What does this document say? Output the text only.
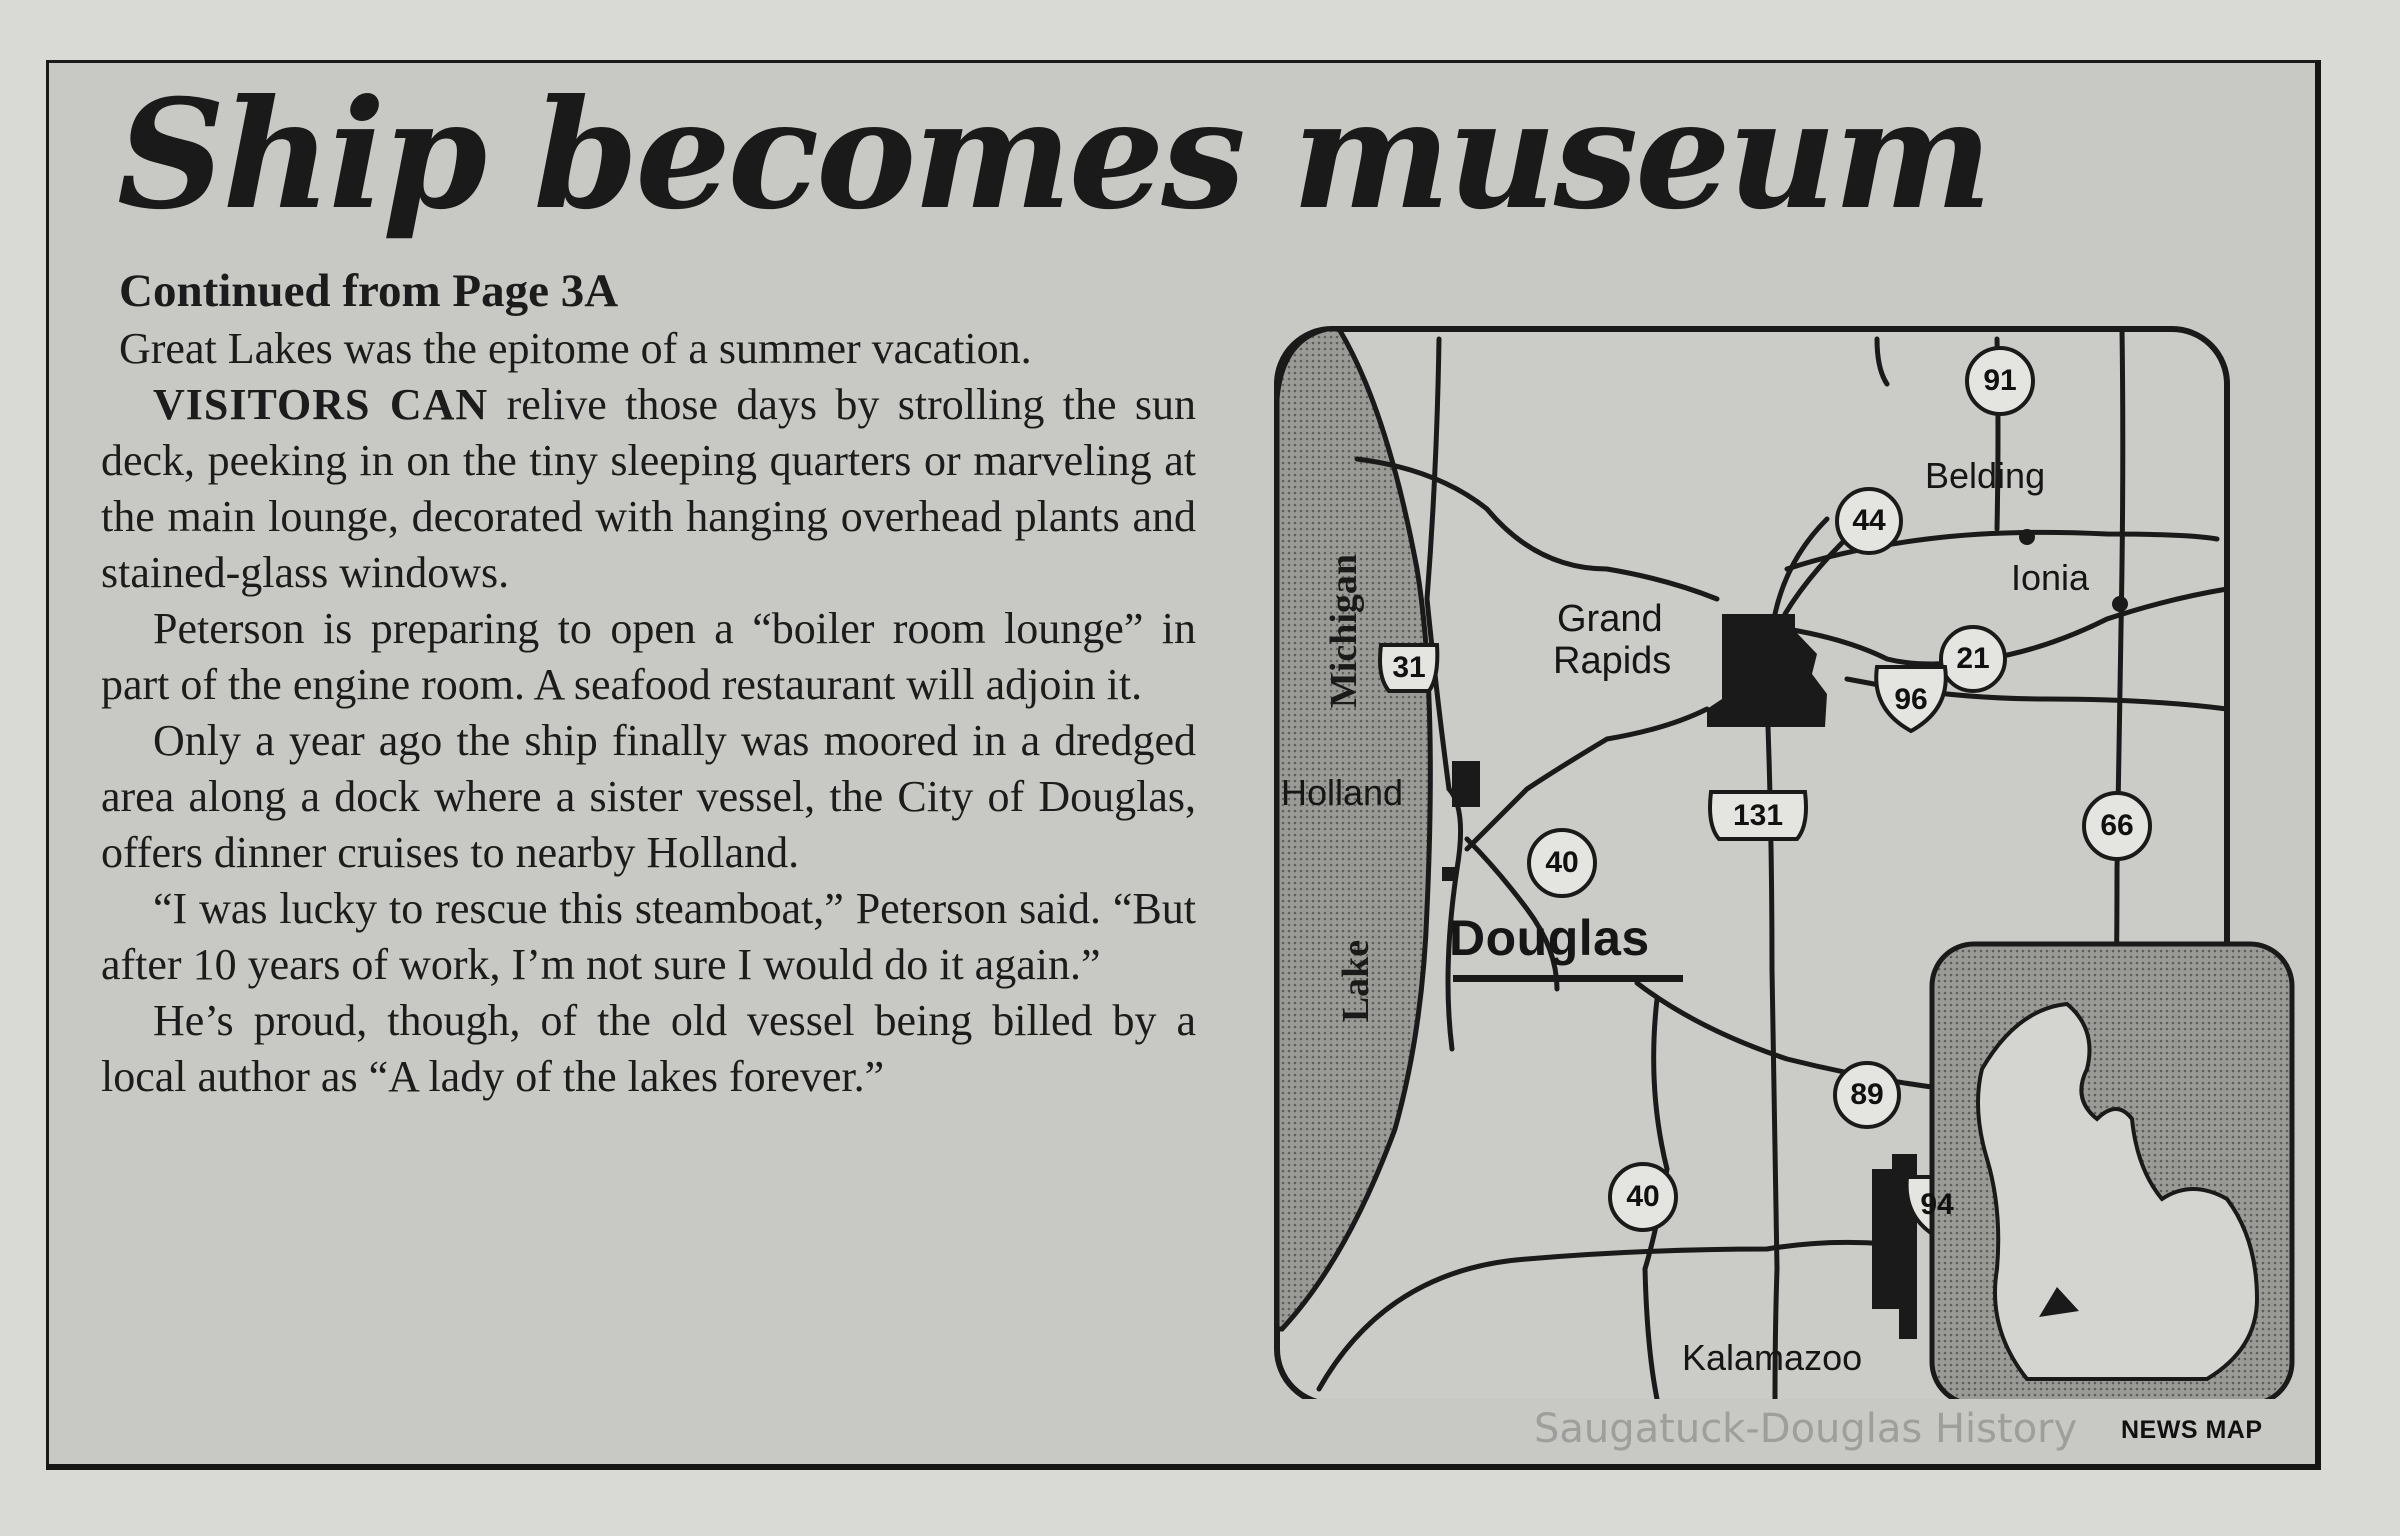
Ship becomes museum

Continued from Page 3A

Great Lakes was the epitome of a summer vacation.

VISITORS CAN relive those days by strolling the sun deck, peeking in on the tiny sleeping quarters or marveling at the main lounge, decorated with hanging overhead plants and stained-glass windows.

Peterson is preparing to open a “boiler room lounge” in part of the engine room. A seafood restaurant will adjoin it.

Only a year ago the ship finally was moored in a dredged area along a dock where a sister vessel, the City of Douglas, offers dinner cruises to nearby Holland.

“I was lucky to rescue this steamboat,” Peterson said. “But after 10 years of work, I’m not sure I would do it again.”

He’s proud, though, of the old vessel being billed by a local author as “A lady of the lakes forever.”

Lake
Michigan	Grand
Rapids
Holland
Douglas
Belding
Ionia
Kalamazoo
91
44
21
96
31
131
40
66
89
40	94
Saugatuck-Douglas History NEWS MAP
